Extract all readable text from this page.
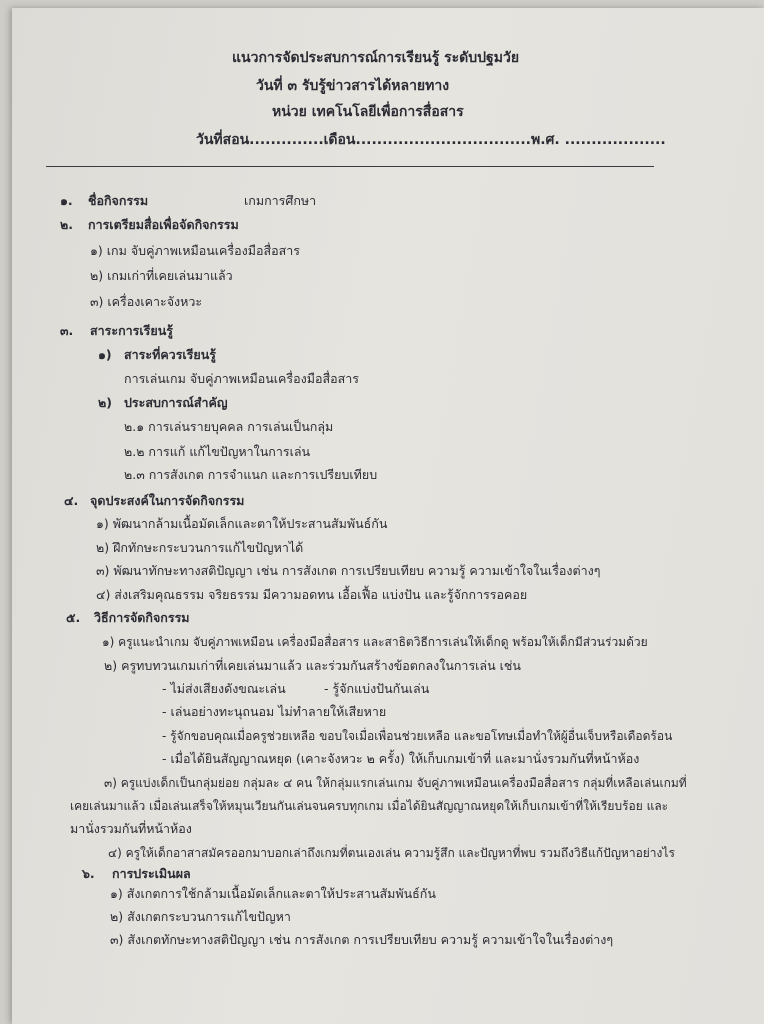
แนวการจัดประสบการณ์การเรียนรู้ ระดับปฐมวัย
วันที่ ๓ รับรู้ข่าวสารได้หลายทาง
หน่วย เทคโนโลยีเพื่อการสื่อสาร
วันที่สอน..............เดือน.................................พ.ศ. ...................
๑. ชื่อกิจกรรม	เกมการศึกษา
๒. การเตรียมสื่อเพื่อจัดกิจกรรม
๑) เกม จับคู่ภาพเหมือนเครื่องมือสื่อสาร
๒) เกมเก่าที่เคยเล่นมาแล้ว
๓) เครื่องเคาะจังหวะ
๓. สาระการเรียนรู้
๑) สาระที่ควรเรียนรู้
การเล่นเกม จับคู่ภาพเหมือนเครื่องมือสื่อสาร
๒) ประสบการณ์สำคัญ
๒.๑ การเล่นรายบุคคล การเล่นเป็นกลุ่ม
๒.๒ การแก้ แก้ไขปัญหาในการเล่น
๒.๓ การสังเกต การจำแนก และการเปรียบเทียบ
๔. จุดประสงค์ในการจัดกิจกรรม
๑) พัฒนากล้ามเนื้อมัดเล็กและตาให้ประสานสัมพันธ์กัน
๒) ฝึกทักษะกระบวนการแก้ไขปัญหาได้
๓) พัฒนาทักษะทางสติปัญญา เช่น การสังเกต การเปรียบเทียบ ความรู้ ความเข้าใจในเรื่องต่างๆ
๔) ส่งเสริมคุณธรรม จริยธรรม มีความอดทน เอื้อเฟื้อ แบ่งปัน และรู้จักการรอคอย
๕. วิธีการจัดกิจกรรม
๑) ครูแนะนำเกม จับคู่ภาพเหมือน เครื่องมือสื่อสาร และสาธิตวิธีการเล่นให้เด็กดู พร้อมให้เด็กมีส่วนร่วมด้วย
๒) ครูทบทวนเกมเก่าที่เคยเล่นมาแล้ว และร่วมกันสร้างข้อตกลงในการเล่น เช่น
- ไม่ส่งเสียงดังขณะเล่น	- รู้จักแบ่งปันกันเล่น
- เล่นอย่างทะนุถนอม ไม่ทำลายให้เสียหาย
- รู้จักขอบคุณเมื่อครูช่วยเหลือ ขอบใจเมื่อเพื่อนช่วยเหลือ และขอโทษเมื่อทำให้ผู้อื่นเจ็บหรือเดือดร้อน
- เมื่อได้ยินสัญญาณหยุด (เคาะจังหวะ ๒ ครั้ง) ให้เก็บเกมเข้าที่ และมานั่งรวมกันที่หน้าห้อง
๓) ครูแบ่งเด็กเป็นกลุ่มย่อย กลุ่มละ ๔ คน ให้กลุ่มแรกเล่นเกม จับคู่ภาพเหมือนเครื่องมือสื่อสาร กลุ่มที่เหลือเล่นเกมที่
เคยเล่นมาแล้ว เมื่อเล่นเสร็จให้หมุนเวียนกันเล่นจนครบทุกเกม เมื่อได้ยินสัญญาณหยุดให้เก็บเกมเข้าที่ให้เรียบร้อย และ
มานั่งรวมกันที่หน้าห้อง
๔) ครูให้เด็กอาสาสมัครออกมาบอกเล่าถึงเกมที่ตนเองเล่น ความรู้สึก และปัญหาที่พบ รวมถึงวิธีแก้ปัญหาอย่างไร
๖. การประเมินผล
๑) สังเกตการใช้กล้ามเนื้อมัดเล็กและตาให้ประสานสัมพันธ์กัน
๒) สังเกตกระบวนการแก้ไขปัญหา
๓) สังเกตทักษะทางสติปัญญา เช่น การสังเกต การเปรียบเทียบ ความรู้ ความเข้าใจในเรื่องต่างๆ
